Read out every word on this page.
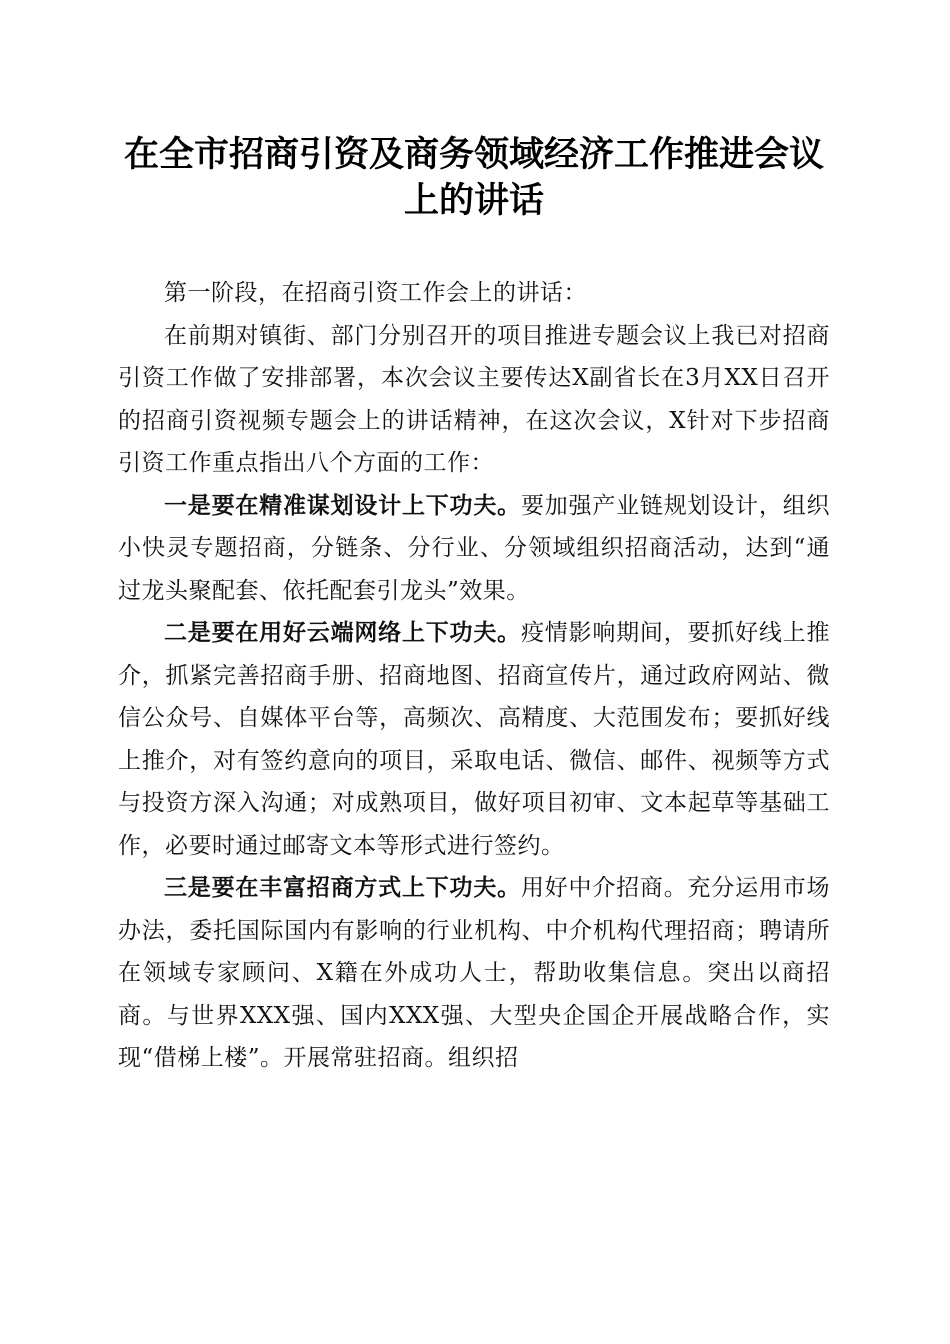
在全市招商引资及商务领域经济工作推进会议
上的讲话

第一阶段，在招商引资工作会上的讲话：

在前期对镇街、部门分别召开的项目推进专题会议上我已对招商引资工作做了安排部署，本次会议主要传达X副省长在3月XX日召开的招商引资视频专题会上的讲话精神，在这次会议，X针对下步招商引资工作重点指出八个方面的工作：

一是要在精准谋划设计上下功夫。要加强产业链规划设计，组织小快灵专题招商，分链条、分行业、分领域组织招商活动，达到“通过龙头聚配套、依托配套引龙头”效果。

二是要在用好云端网络上下功夫。疫情影响期间，要抓好线上推介，抓紧完善招商手册、招商地图、招商宣传片，通过政府网站、微信公众号、自媒体平台等，高频次、高精度、大范围发布；要抓好线上推介，对有签约意向的项目，采取电话、微信、邮件、视频等方式与投资方深入沟通；对成熟项目，做好项目初审、文本起草等基础工作，必要时通过邮寄文本等形式进行签约。

三是要在丰富招商方式上下功夫。用好中介招商。充分运用市场办法，委托国际国内有影响的行业机构、中介机构代理招商；聘请所在领域专家顾问、X籍在外成功人士，帮助收集信息。突出以商招商。与世界XXX强、国内XXX强、大型央企国企开展战略合作，实现“借梯上楼”。开展常驻招商。组织招
